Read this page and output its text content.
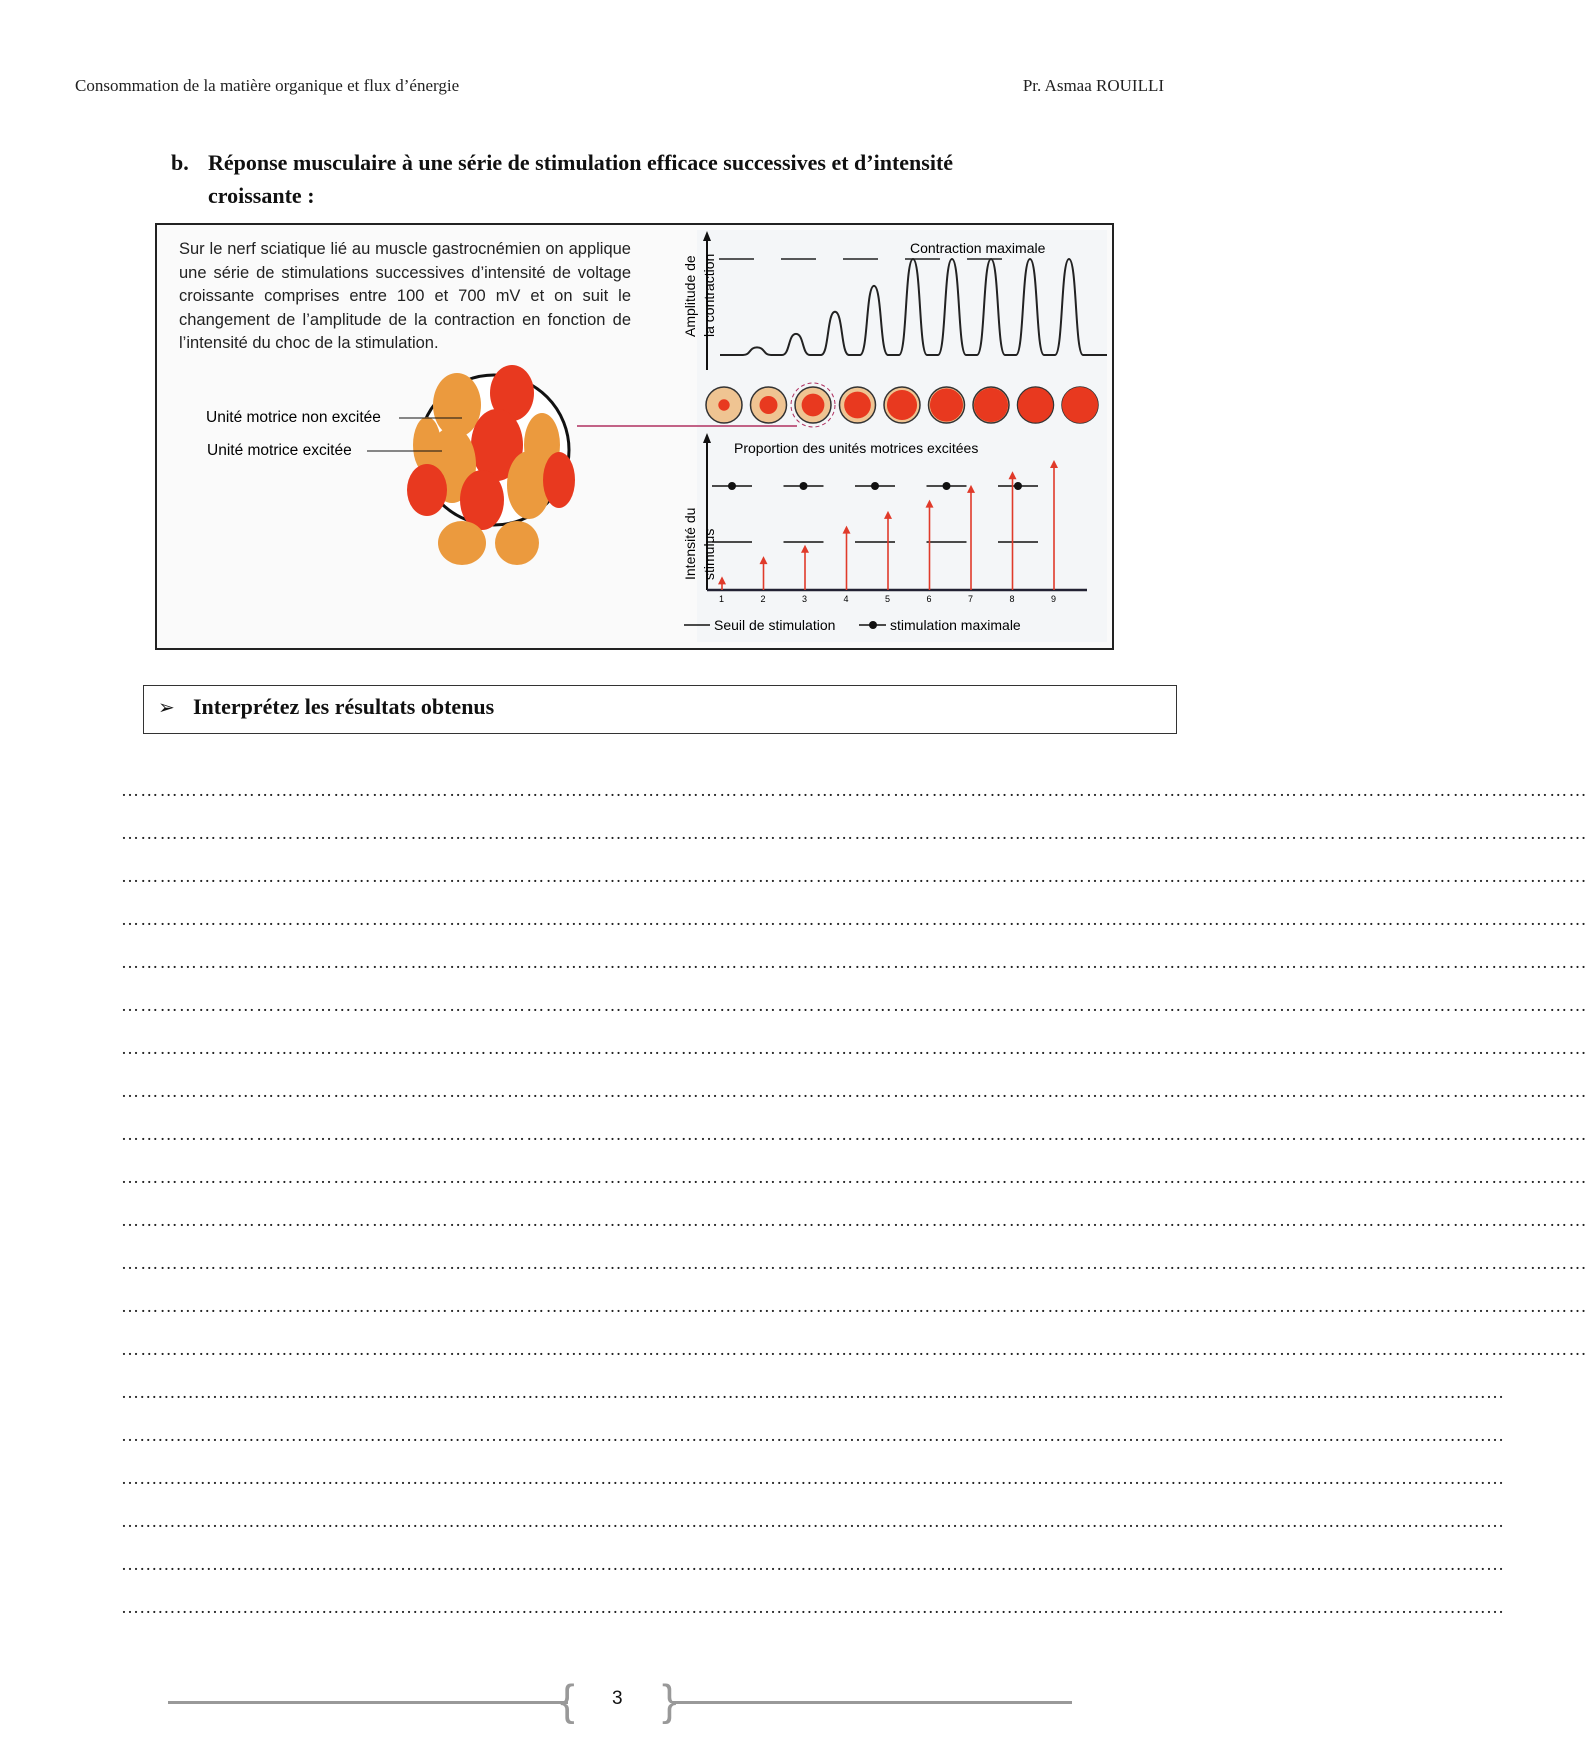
Consommation de la matière organique et flux d’énergie	Pr. Asmaa ROUILLI
b. Réponse musculaire à une série de stimulation efficace successives et d’intensité
croissante :
Amplitude de la contraction
Contraction maximale
Proportion des unités motrices excitées
Unité motrice non excitée
Unité motrice excitée
Intensité du stimulus
1	2	3	4	5	6	7	8	9
Seuil de stimulation	stimulation maximale
Sur le nerf sciatique lié au muscle gastrocnémien on applique une série de stimulations successives d’intensité de voltage croissante comprises entre 100 et 700 mV et on suit le changement de l’amplitude de la contraction en fonction de l’intensité du choc de la stimulation.
➢ Interprétez les résultats obtenus
…………………………………………………………………………………………………………………………………………………………………………………………………………
…………………………………………………………………………………………………………………………………………………………………………………………………………
…………………………………………………………………………………………………………………………………………………………………………………………………………
…………………………………………………………………………………………………………………………………………………………………………………………………………
…………………………………………………………………………………………………………………………………………………………………………………………………………
…………………………………………………………………………………………………………………………………………………………………………………………………………
…………………………………………………………………………………………………………………………………………………………………………………………………………
…………………………………………………………………………………………………………………………………………………………………………………………………………
…………………………………………………………………………………………………………………………………………………………………………………………………………
…………………………………………………………………………………………………………………………………………………………………………………………………………
…………………………………………………………………………………………………………………………………………………………………………………………………………
…………………………………………………………………………………………………………………………………………………………………………………………………………
…………………………………………………………………………………………………………………………………………………………………………………………………………
…………………………………………………………………………………………………………………………………………………………………………………………………………
…………………………………………………………………………………………………………………………………………………………………………………………………………
…………………………………………………………………………………………………………………………………………………………………………………………………………
…………………………………………………………………………………………………………………………………………………………………………………………………………
…………………………………………………………………………………………………………………………………………………………………………………………………………
…………………………………………………………………………………………………………………………………………………………………………………………………………
…………………………………………………………………………………………………………………………………………………………………………………………………………
{ }
3
